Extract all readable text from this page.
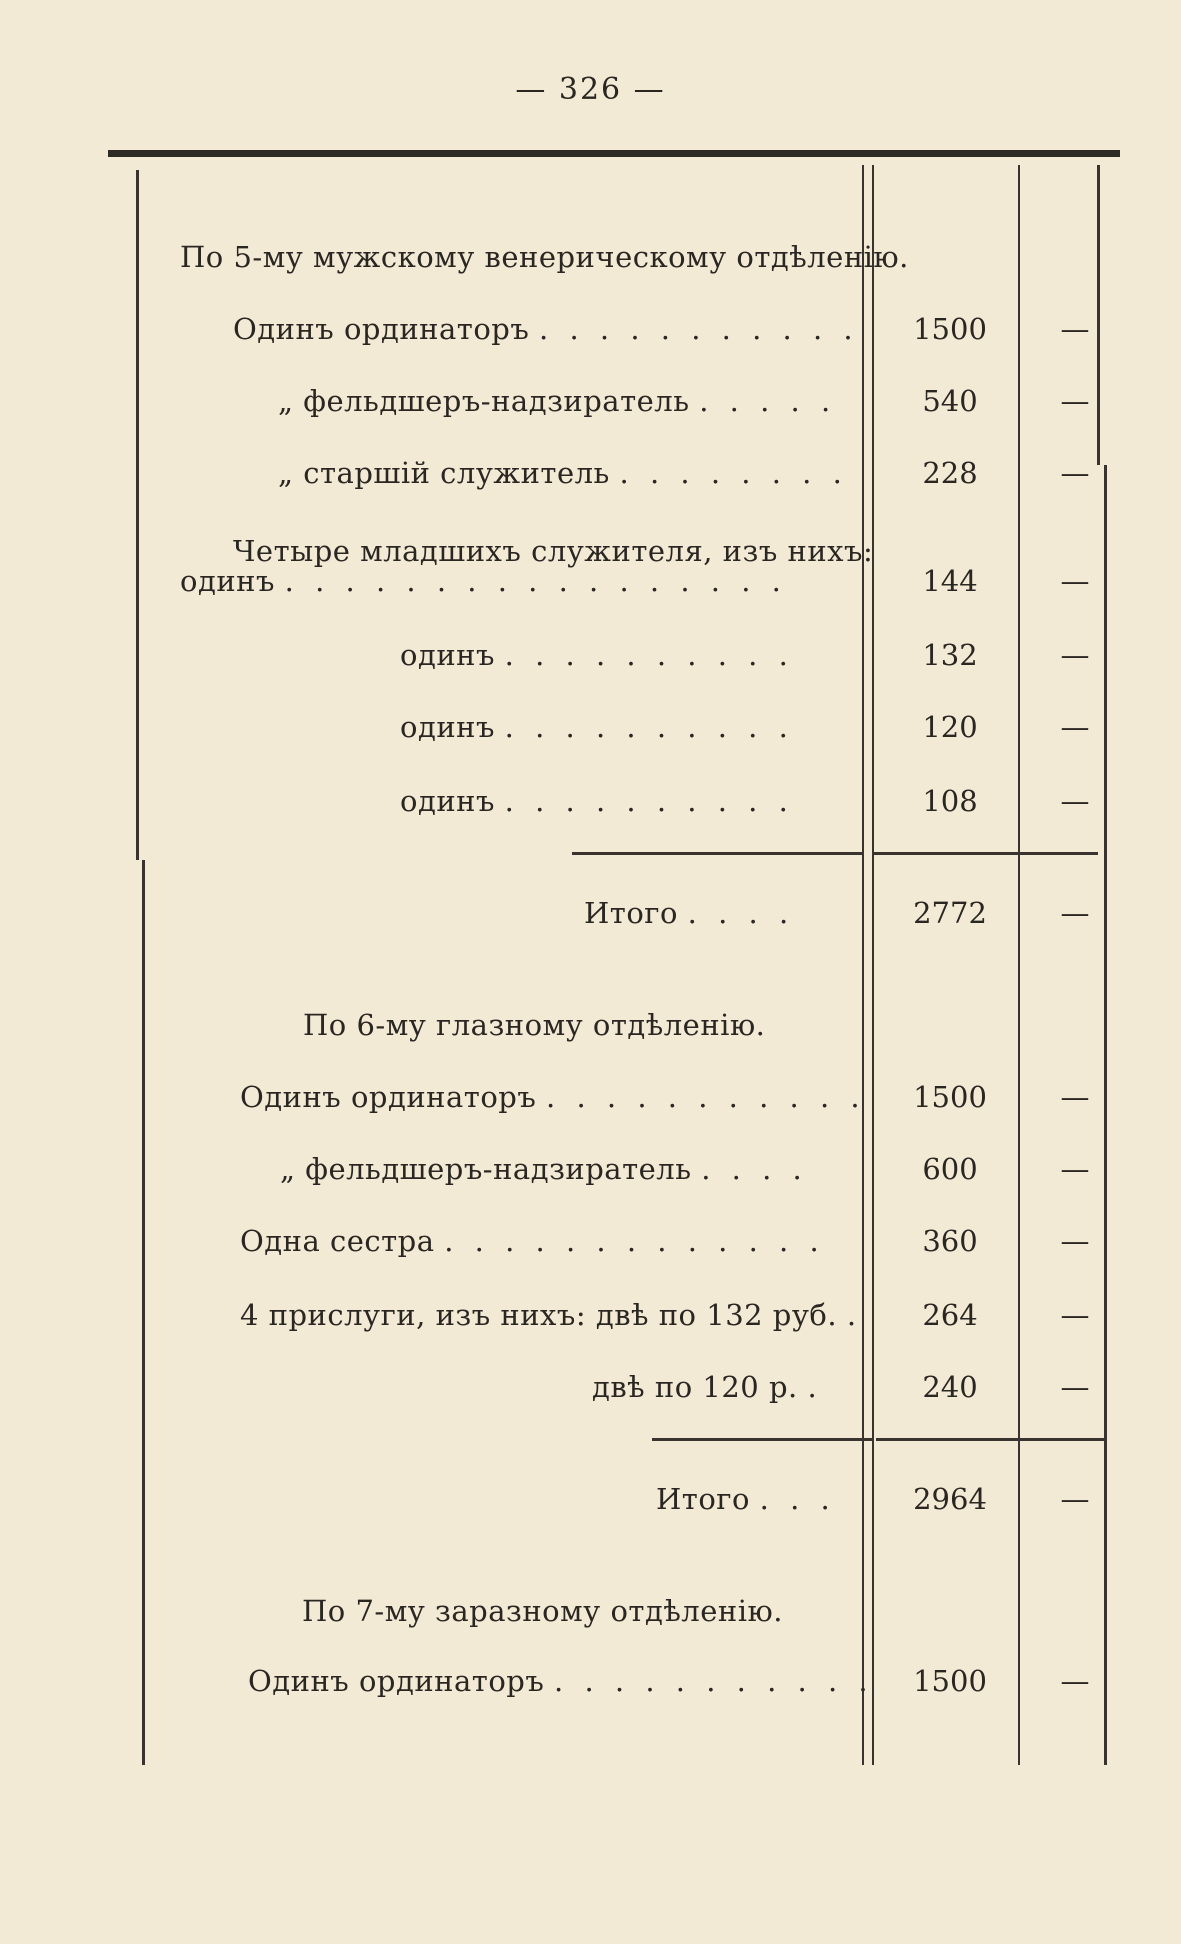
— 326 —
По 5-му мужскому венерическому отдѣленію.
Одинъ ординаторъ . . . . . . . . . . .	1500	—
„ фельдшеръ-надзиратель . . . . .	540	—
„ старшій служитель . . . . . . . .	228	—
Четыре младшихъ служителя, изъ нихъ:
одинъ . . . . . . . . . . . . . . . . .	144	—
одинъ . . . . . . . . . .	132	—
одинъ . . . . . . . . . .	120	—
одинъ . . . . . . . . . .	108	—
Итого . . . .	2772	—
По 6-му глазному отдѣленію.
Одинъ ординаторъ . . . . . . . . . . .	1500	—
„ фельдшеръ-надзиратель . . . .	600	—
Одна сестра . . . . . . . . . . . . .	360	—
4 прислуги, изъ нихъ: двѣ по 132 руб. .	264	—
двѣ по 120 р. .	240	—
Итого . . .	2964	—
По 7-му заразному отдѣленію.
Одинъ ординаторъ . . . . . . . . . . .	1500	—
